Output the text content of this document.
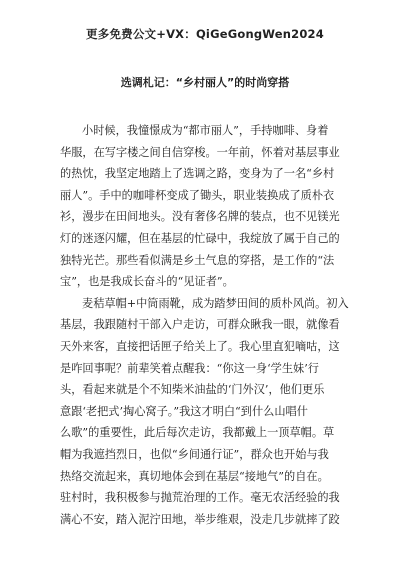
更多免费公文+VX：QiGeGongWen2024
选调札记：“乡村丽人”的时尚穿搭

小时候，我憧憬成为“都市丽人”，手持咖啡、身着
华服，在写字楼之间自信穿梭。一年前，怀着对基层事业
的热忱，我坚定地踏上了选调之路，变身为了一名“乡村
丽人”。手中的咖啡杯变成了锄头，职业装换成了质朴衣
衫，漫步在田间地头。没有奢侈名牌的装点，也不见镁光
灯的迷逐闪耀，但在基层的忙碌中，我绽放了属于自己的
独特光芒。那些看似满是乡土气息的穿搭，是工作的“法
宝”，也是我成长奋斗的“见证者”。

麦秸草帽+中筒雨靴，成为踏梦田间的质朴风尚。初入
基层，我跟随村干部入户走访，可群众瞅我一眼，就像看
天外来客，直接把话匣子给关上了。我心里直犯嘀咕，这
是咋回事呢？前辈笑着点醒我：“你这一身‘学生妹’行
头，看起来就是个不知柴米油盐的‘门外汉’，他们更乐
意跟‘老把式’掏心窝子。”我这才明白“到什么山唱什
么歌”的重要性，此后每次走访，我都戴上一顶草帽。草
帽为我遮挡烈日，也似“乡间通行证”，群众也开始与我
热络交流起来，真切地体会到在基层“接地气”的自在。
驻村时，我积极参与抛荒治理的工作。毫无农活经验的我
满心不安，踏入泥泞田地，举步维艰，没走几步就摔了跤
